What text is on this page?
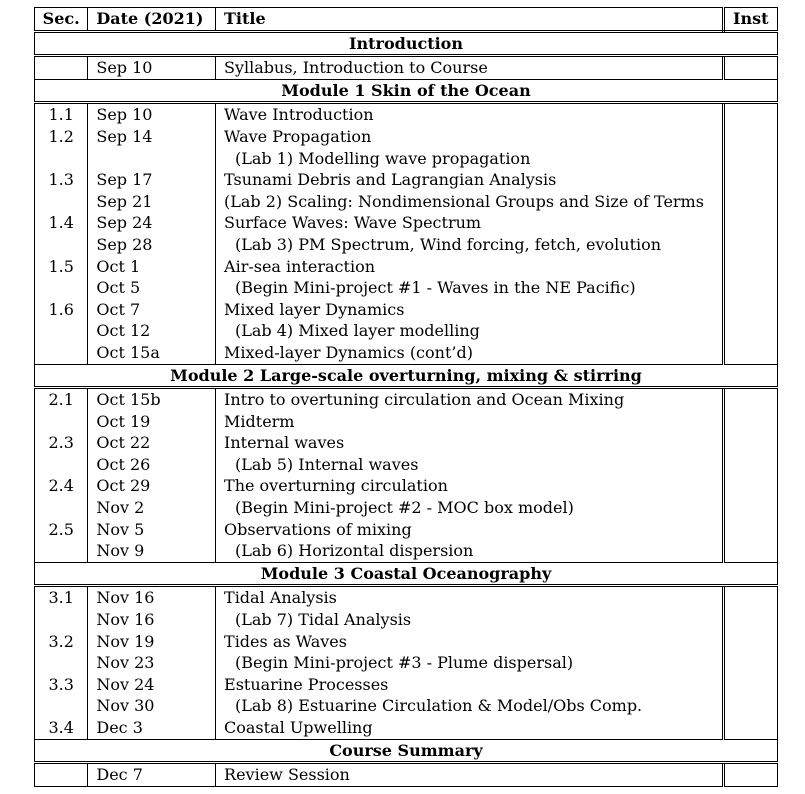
Sec.	Date (2021)	Title	Inst
Introduction			
	Sep 10	Syllabus, Introduction to Course	
Module 1 Skin of the Ocean			
1.1	Sep 10	Wave Introduction	
1.2	Sep 14	Wave Propagation	
		(Lab 1) Modelling wave propagation	
1.3	Sep 17	Tsunami Debris and Lagrangian Analysis	
	Sep 21	(Lab 2) Scaling: Nondimensional Groups and Size of Terms	
1.4	Sep 24	Surface Waves: Wave Spectrum	
	Sep 28	(Lab 3) PM Spectrum, Wind forcing, fetch, evolution	
1.5	Oct 1	Air-sea interaction	
	Oct 5	(Begin Mini-project #1 - Waves in the NE Pacific)	
1.6	Oct 7	Mixed layer Dynamics	
	Oct 12	(Lab 4) Mixed layer modelling	
	Oct 15a	Mixed-layer Dynamics (cont’d)	
Module 2 Large-scale overturning, mixing & stirring			
2.1	Oct 15b	Intro to overtuning circulation and Ocean Mixing	
	Oct 19	Midterm	
2.3	Oct 22	Internal waves	
	Oct 26	(Lab 5) Internal waves	
2.4	Oct 29	The overturning circulation	
	Nov 2	(Begin Mini-project #2 - MOC box model)	
2.5	Nov 5	Observations of mixing	
	Nov 9	(Lab 6) Horizontal dispersion	
Module 3 Coastal Oceanography			
3.1	Nov 16	Tidal Analysis	
	Nov 16	(Lab 7) Tidal Analysis	
3.2	Nov 19	Tides as Waves	
	Nov 23	(Begin Mini-project #3 - Plume dispersal)	
3.3	Nov 24	Estuarine Processes	
	Nov 30	(Lab 8) Estuarine Circulation & Model/Obs Comp.	
3.4	Dec 3	Coastal Upwelling	
Course Summary			
	Dec 7	Review Session	
